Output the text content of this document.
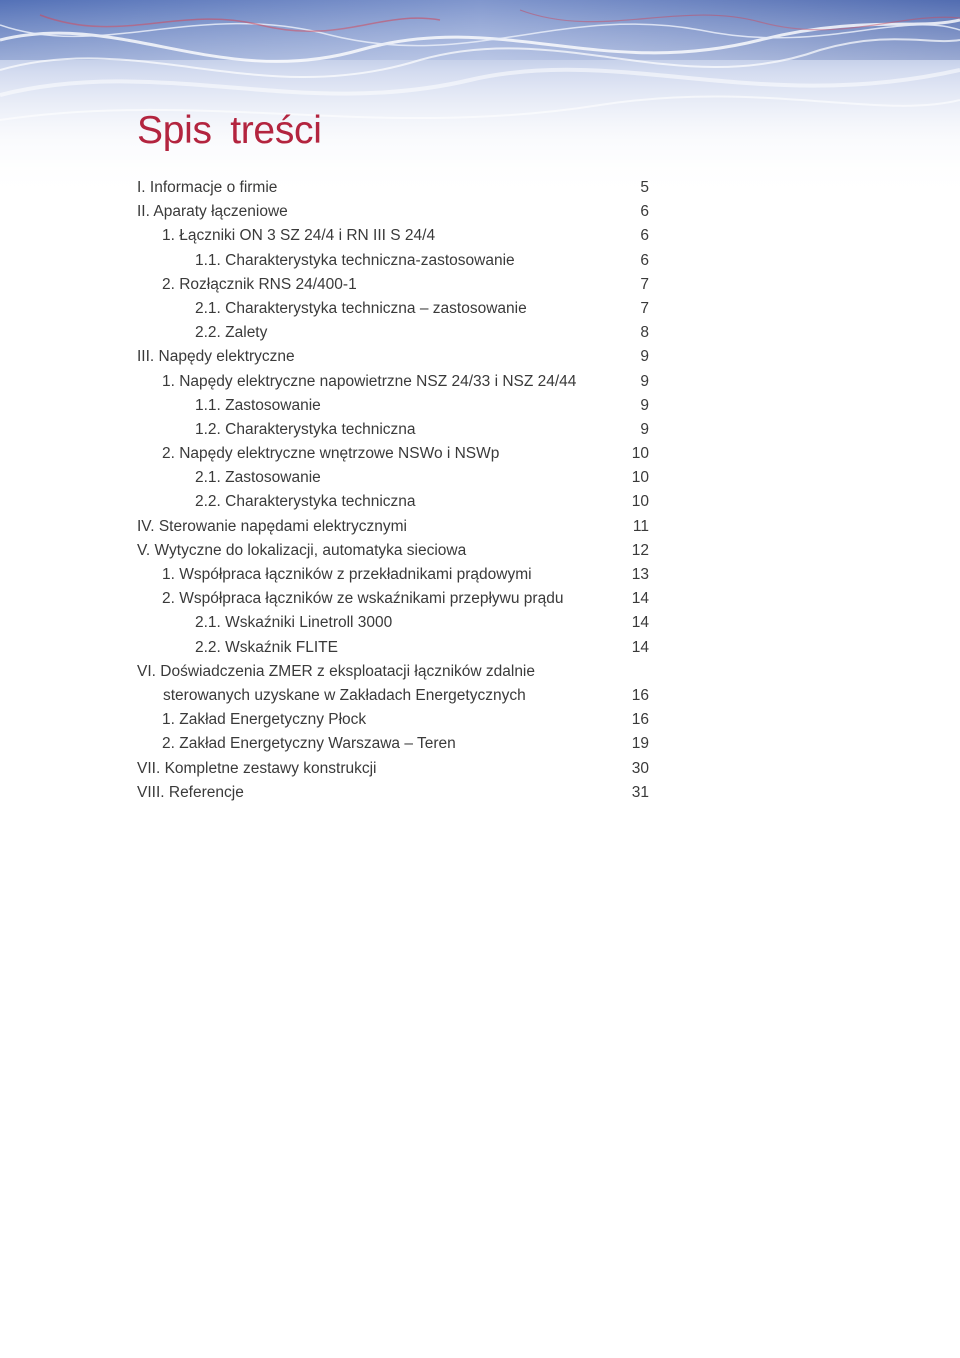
Spis treści
I. Informacje o firmie	5
II. Aparaty łączeniowe	6
1. Łączniki ON 3 SZ 24/4 i RN III S 24/4	6
1.1. Charakterystyka techniczna-zastosowanie	6
2. Rozłącznik RNS 24/400-1	7
2.1. Charakterystyka techniczna – zastosowanie	7
2.2. Zalety	8
III. Napędy elektryczne	9
1. Napędy elektryczne napowietrzne NSZ 24/33 i NSZ 24/44	9
1.1. Zastosowanie	9
1.2. Charakterystyka techniczna	9
2. Napędy elektryczne wnętrzowe NSWo i NSWp	10
2.1. Zastosowanie	10
2.2. Charakterystyka techniczna	10
IV. Sterowanie napędami elektrycznymi	11
V. Wytyczne do lokalizacji, automatyka sieciowa	12
1. Współpraca łączników z przekładnikami prądowymi	13
2. Współpraca łączników ze wskaźnikami przepływu prądu	14
2.1. Wskaźniki Linetroll 3000	14
2.2. Wskaźnik FLITE	14
VI. Doświadczenia ZMER z eksploatacji łączników zdalnie
sterowanych uzyskane w Zakładach Energetycznych	16
1. Zakład Energetyczny Płock	16
2. Zakład Energetyczny Warszawa – Teren	19
VII. Kompletne zestawy konstrukcji	30
VIII. Referencje	31
